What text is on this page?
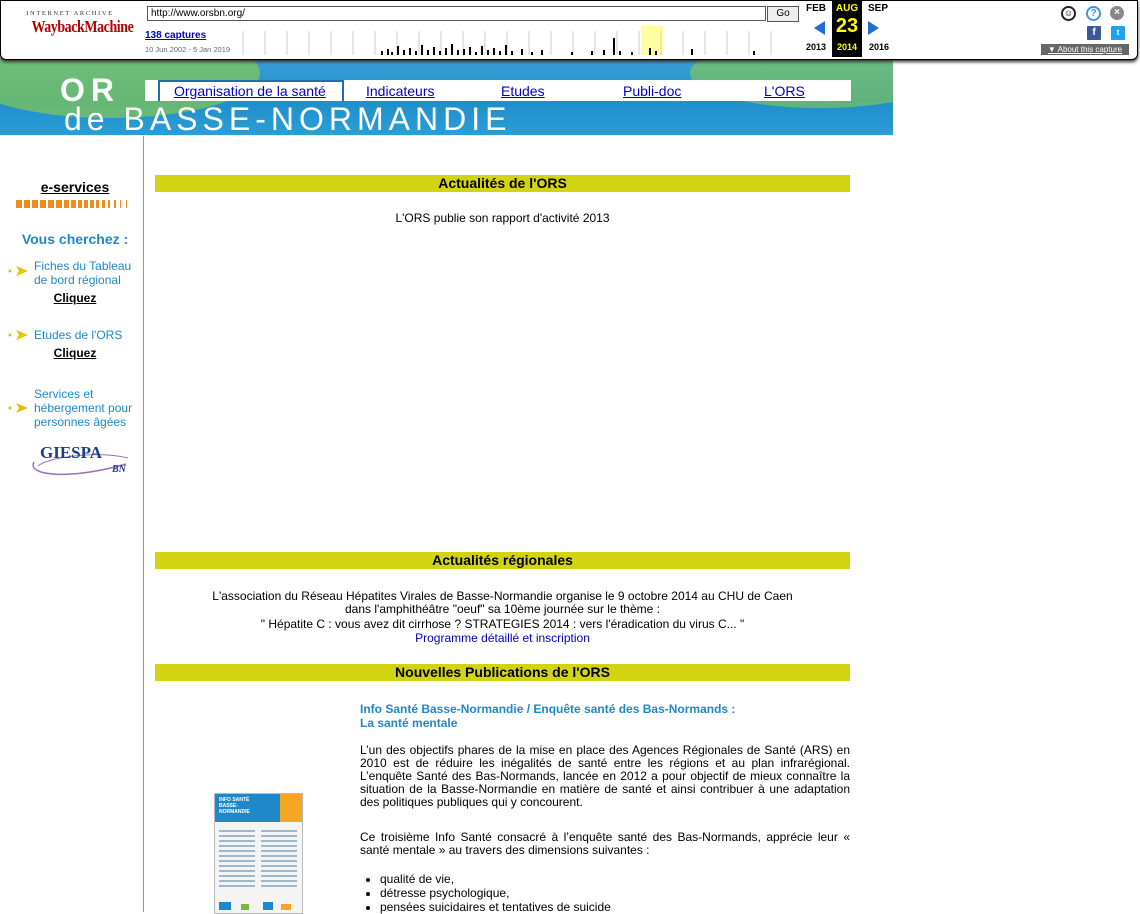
INTERNET ARCHIVE
WaybackMachine
http://www.orsbn.org/	Go
138 captures
10 Jun 2002 - 5 Jan 2019
FEB
2013
AUG
23
2014
SEP
2016
☺	?	×
f	t
▼ About this capture
OR
de BASSE-NORMANDIE
Organisation de la santé	Indicateurs	Etudes	Publi-doc	L'ORS
e-services
Vous cherchez :
Fiches du Tableau de bord régional
Cliquez
Etudes de l'ORS
Cliquez
Services et hébergement pour personnes âgées
GIESPA
BN
Actualités de l'ORS
L'ORS publie son rapport d'activité 2013
Actualités régionales
L'association du Réseau Hépatites Virales de Basse-Normandie organise le 9 octobre 2014 au CHU de Caen
dans l'amphithéâtre "oeuf" sa 10ème journée sur le thème :
" Hépatite C : vous avez dit cirrhose ? STRATEGIES 2014 : vers l'éradication du virus C... "
Programme détaillé et inscription
Nouvelles Publications de l'ORS
INFO SANTÉ BASSE-NORMANDIE
Info Santé Basse-Normandie / Enquête santé des Bas-Normands :
La santé mentale
L’un des objectifs phares de la mise en place des Agences Régionales de Santé (ARS) en 2010 est de réduire les inégalités de santé entre les régions et au plan infrarégional. L’enquête Santé des Bas-Normands, lancée en 2012 a pour objectif de mieux connaître la situation de la Basse-Normandie en matière de santé et ainsi contribuer à une adaptation des politiques publiques qui y concourent.
Ce troisième Info Santé consacré à l’enquête santé des Bas-Normands, apprécie leur « santé mentale » au travers des dimensions suivantes :
• qualité de vie,
• détresse psychologique,
• pensées suicidaires et tentatives de suicide
